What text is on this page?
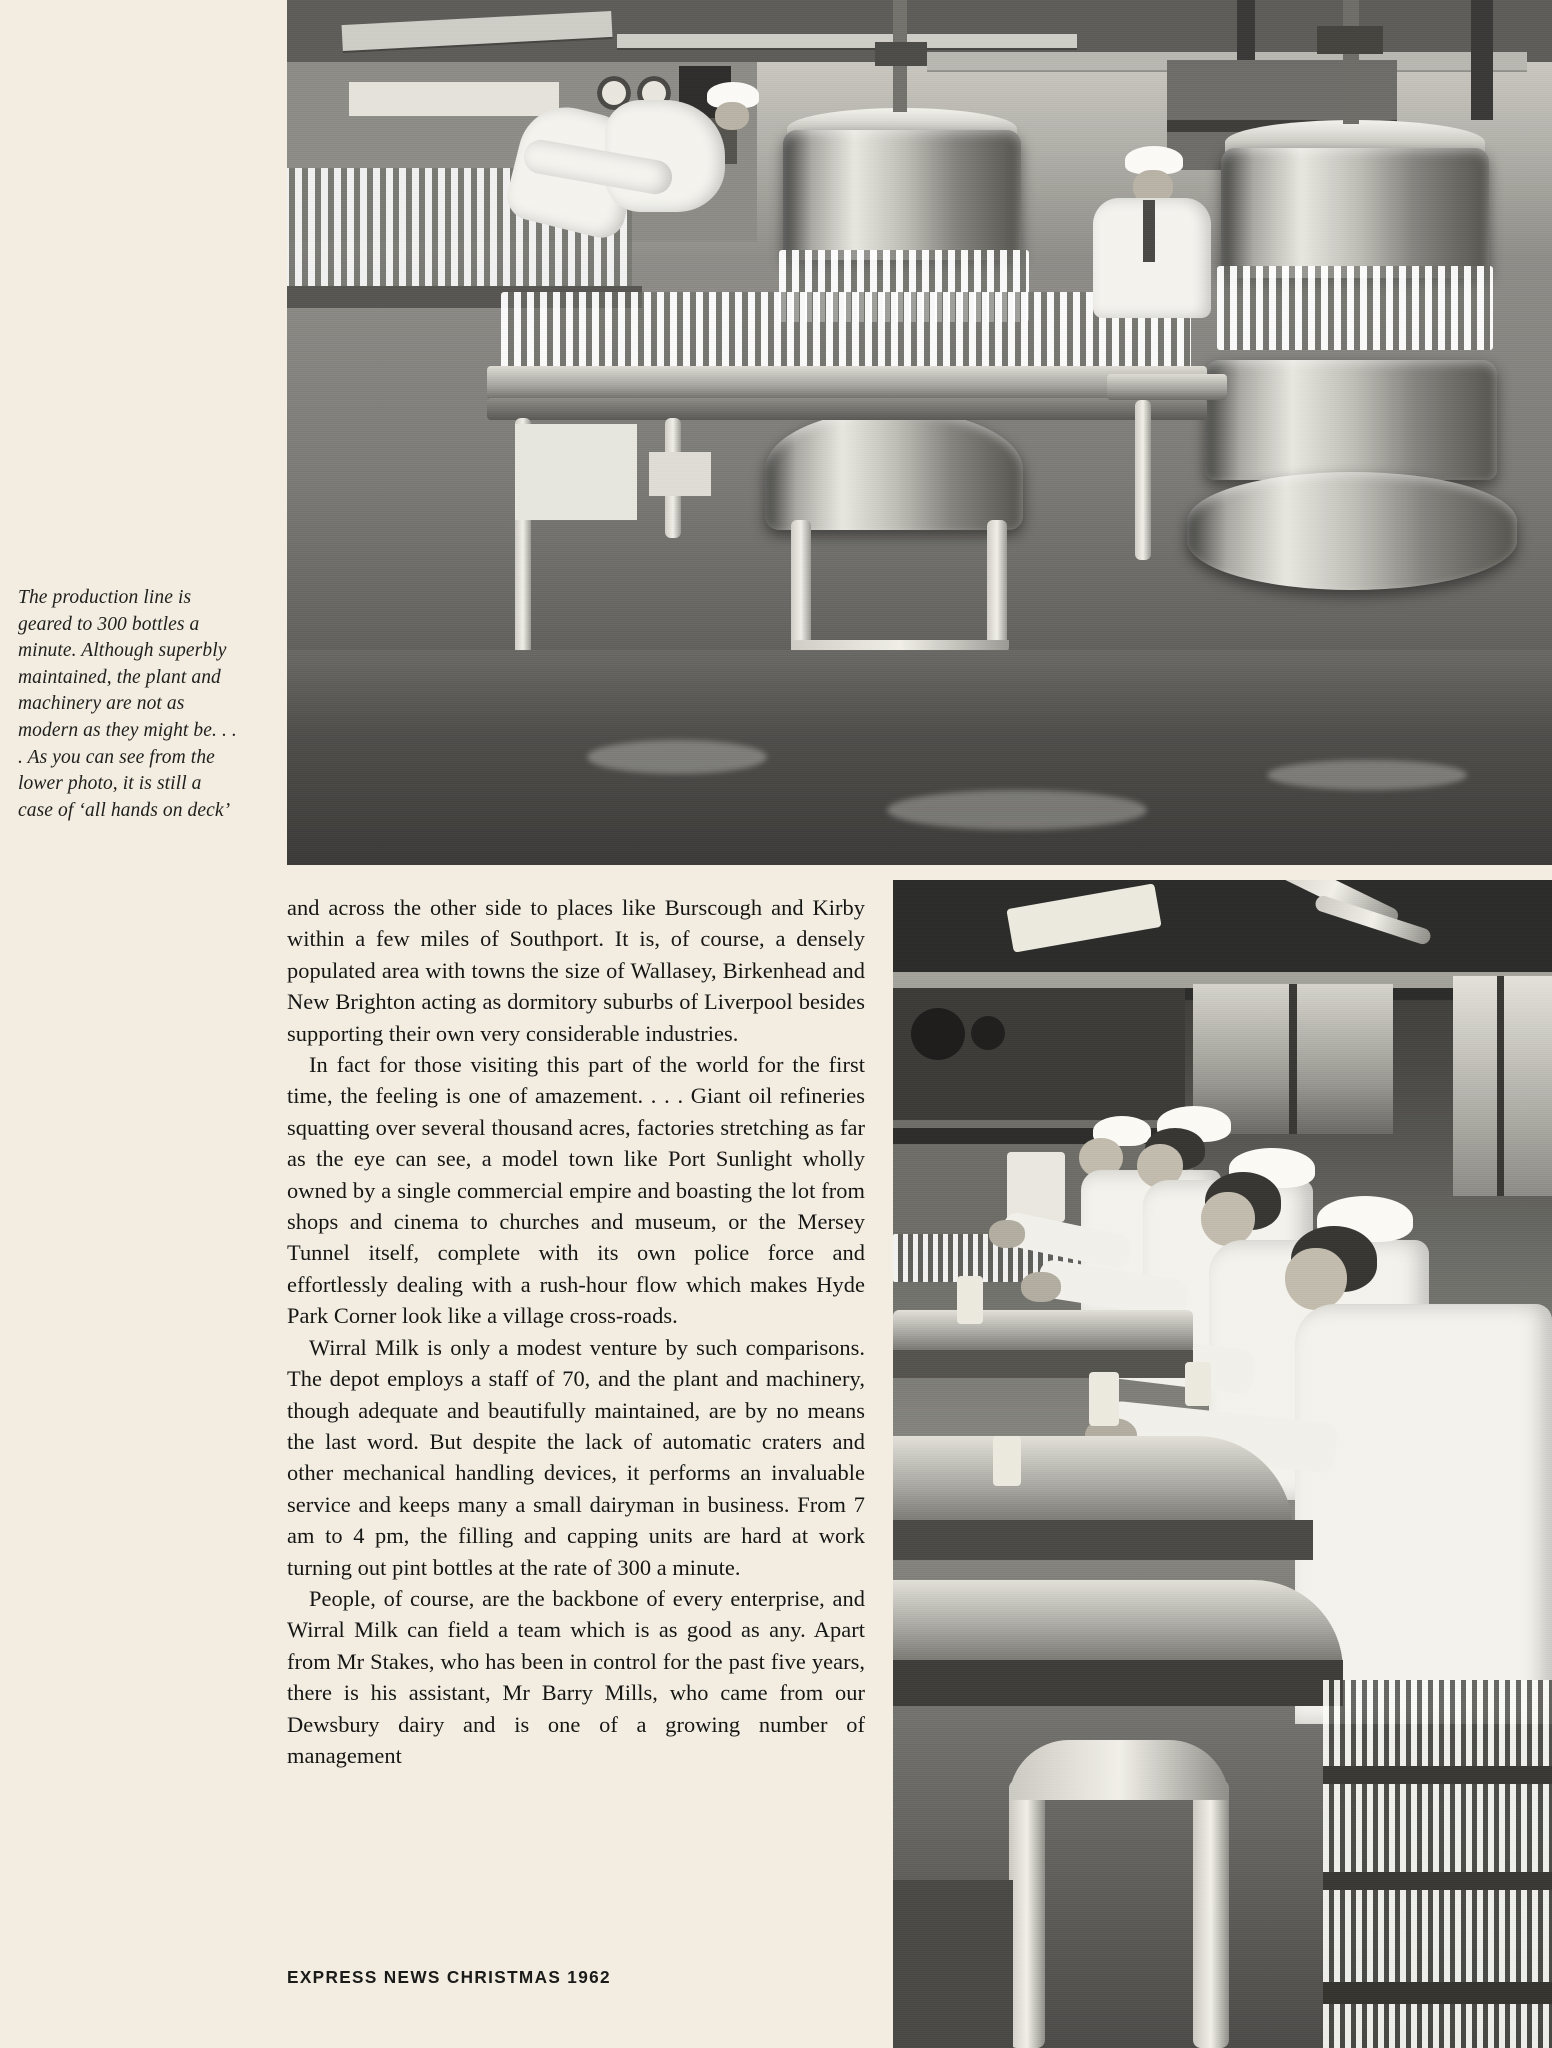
The production line is geared to 300 bottles a minute. Although superbly maintained, the plant and machinery are not as modern as they might be. . . . As you can see from the lower photo, it is still a case of ‘all hands on deck’

and across the other side to places like Burscough and Kirby within a few miles of Southport. It is, of course, a densely populated area with towns the size of Wallasey, Birkenhead and New Brighton acting as dormitory suburbs of Liverpool besides supporting their own very considerable industries.

In fact for those visiting this part of the world for the first time, the feeling is one of amazement. . . . Giant oil refineries squatting over several thousand acres, factories stretching as far as the eye can see, a model town like Port Sunlight wholly owned by a single commercial empire and boasting the lot from shops and cinema to churches and museum, or the Mersey Tunnel itself, complete with its own police force and effortlessly dealing with a rush-hour flow which makes Hyde Park Corner look like a village cross-roads.

Wirral Milk is only a modest venture by such comparisons. The depot employs a staff of 70, and the plant and machinery, though adequate and beautifully maintained, are by no means the last word. But despite the lack of automatic craters and other mechanical handling devices, it performs an invaluable service and keeps many a small dairyman in business. From 7 am to 4 pm, the filling and capping units are hard at work turning out pint bottles at the rate of 300 a minute.

People, of course, are the backbone of every enterprise, and Wirral Milk can field a team which is as good as any. Apart from Mr Stakes, who has been in control for the past five years, there is his assistant, Mr Barry Mills, who came from our Dewsbury dairy and is one of a growing number of management

EXPRESS NEWS CHRISTMAS 1962
